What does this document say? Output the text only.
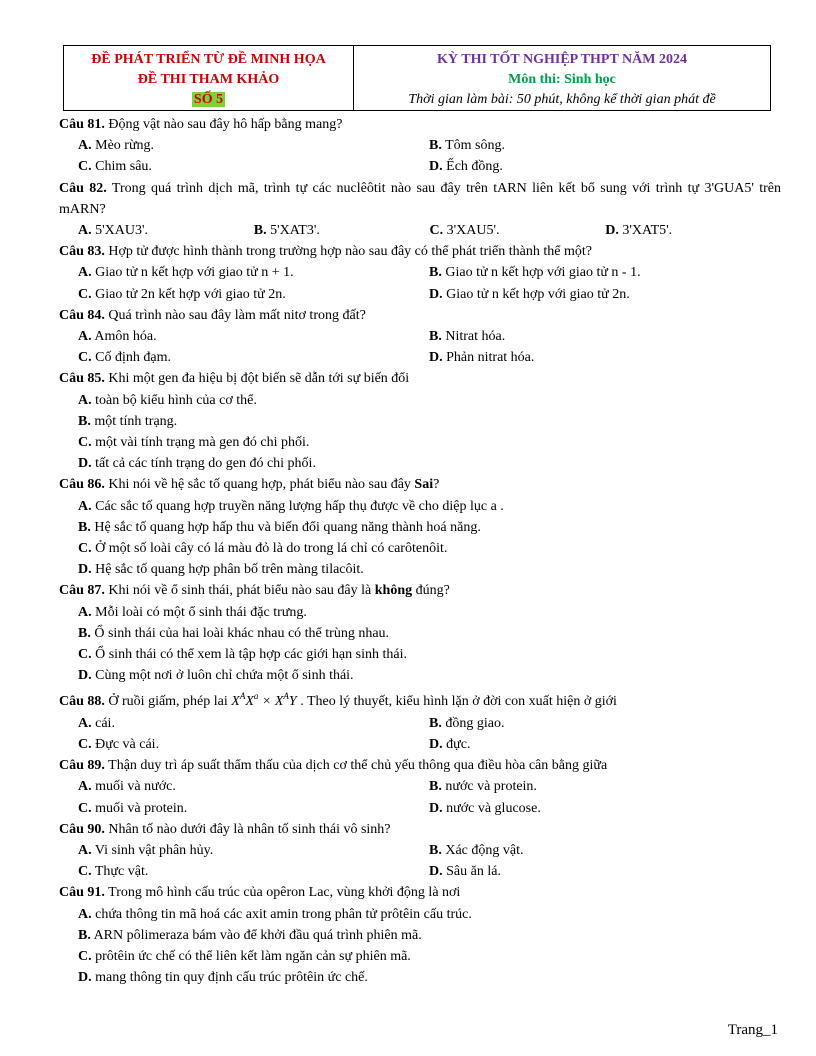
ĐỀ PHÁT TRIỂN TỪ ĐỀ MINH HỌA
ĐỀ THI THAM KHẢO
SỐ 5
KỲ THI TỐT NGHIỆP THPT NĂM 2024
Môn thi: Sinh học
Thời gian làm bài: 50 phút, không kể thời gian phát đề
Câu 81. Động vật nào sau đây hô hấp bằng mang?
A. Mèo rừng.	B. Tôm sông.
C. Chim sâu.	D. Ếch đồng.
Câu 82. Trong quá trình dịch mã, trình tự các nuclêôtit nào sau đây trên tARN liên kết bổ sung với trình tự 3'GUA5' trên mARN?
A. 5'XAU3'.	B. 5'XAT3'.	C. 3'XAU5'.	D. 3'XAT5'.
Câu 83. Hợp tử được hình thành trong trường hợp nào sau đây có thể phát triển thành thể một?
A. Giao tử n kết hợp với giao tử n + 1.	B. Giao tử n kết hợp với giao tử n - 1.
C. Giao tử 2n kết hợp với giao tử 2n.	D. Giao tử n kết hợp với giao tử 2n.
Câu 84. Quá trình nào sau đây làm mất nitơ trong đất?
A. Amôn hóa.	B. Nitrat hóa.
C. Cố định đạm.	D. Phản nitrat hóa.
Câu 85. Khi một gen đa hiệu bị đột biến sẽ dẫn tới sự biến đổi
A. toàn bộ kiểu hình của cơ thể.
B. một tính trạng.
C. một vài tính trạng mà gen đó chi phối.
D. tất cả các tính trạng do gen đó chi phối.
Câu 86. Khi nói về hệ sắc tố quang hợp, phát biểu nào sau đây Sai?
A. Các sắc tố quang hợp truyền năng lượng hấp thụ được về cho diệp lục a .
B. Hệ sắc tố quang hợp hấp thu và biến đổi quang năng thành hoá năng.
C. Ở một số loài cây có lá màu đỏ là do trong lá chỉ có carôtenôit.
D. Hệ sắc tố quang hợp phân bố trên màng tilacôit.
Câu 87. Khi nói về ổ sinh thái, phát biểu nào sau đây là không đúng?
A. Mỗi loài có một ổ sinh thái đặc trưng.
B. Ổ sinh thái của hai loài khác nhau có thể trùng nhau.
C. Ổ sinh thái có thể xem là tập hợp các giới hạn sinh thái.
D. Cùng một nơi ở luôn chỉ chứa một ổ sinh thái.
Câu 88. Ở ruồi giấm, phép lai $X^AX^a \times X^AY$ . Theo lý thuyết, kiểu hình lặn ở đời con xuất hiện ở giới
A. cái.	B. đồng giao.
C. Đực và cái.	D. đực.
Câu 89. Thận duy trì áp suất thẩm thấu của dịch cơ thể chủ yếu thông qua điều hòa cân bằng giữa
A. muối và nước.	B. nước và protein.
C. muối và protein.	D. nước và glucose.
Câu 90. Nhân tố nào dưới đây là nhân tố sinh thái vô sinh?
A. Vi sinh vật phân hủy.	B. Xác động vật.
C. Thực vật.	D. Sâu ăn lá.
Câu 91. Trong mô hình cấu trúc của opêron Lac, vùng khởi động là nơi
A. chứa thông tin mã hoá các axit amin trong phân tử prôtêin cấu trúc.
B. ARN pôlimeraza bám vào để khởi đầu quá trình phiên mã.
C. prôtêin ức chế có thể liên kết làm ngăn cản sự phiên mã.
D. mang thông tin quy định cấu trúc prôtêin ức chế.
Trang_1
